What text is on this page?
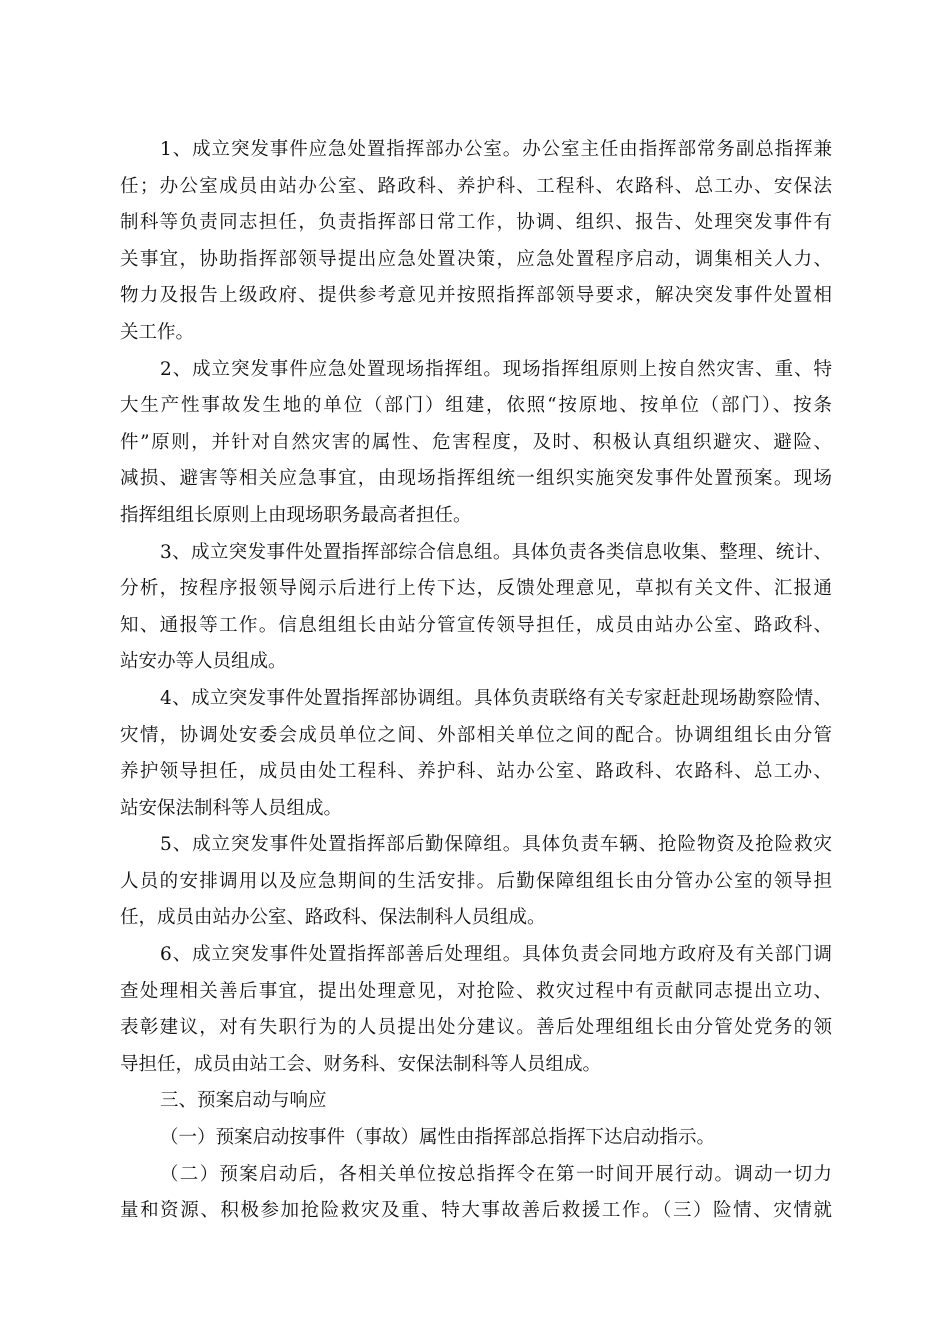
1、成立突发事件应急处置指挥部办公室。办公室主任由指挥部常务副总指挥兼
任；办公室成员由站办公室、路政科、养护科、工程科、农路科、总工办、安保法
制科等负责同志担任，负责指挥部日常工作，协调、组织、报告、处理突发事件有
关事宜，协助指挥部领导提出应急处置决策，应急处置程序启动，调集相关人力、
物力及报告上级政府、提供参考意见并按照指挥部领导要求，解决突发事件处置相
关工作。
2、成立突发事件应急处置现场指挥组。现场指挥组原则上按自然灾害、重、特
大生产性事故发生地的单位（部门）组建，依照“按原地、按单位（部门）、按条
件”原则，并针对自然灾害的属性、危害程度，及时、积极认真组织避灾、避险、
减损、避害等相关应急事宜，由现场指挥组统一组织实施突发事件处置预案。现场
指挥组组长原则上由现场职务最高者担任。
3、成立突发事件处置指挥部综合信息组。具体负责各类信息收集、整理、统计、
分析，按程序报领导阅示后进行上传下达，反馈处理意见，草拟有关文件、汇报通
知、通报等工作。信息组组长由站分管宣传领导担任，成员由站办公室、路政科、
站安办等人员组成。
4、成立突发事件处置指挥部协调组。具体负责联络有关专家赶赴现场勘察险情、
灾情，协调处安委会成员单位之间、外部相关单位之间的配合。协调组组长由分管
养护领导担任，成员由处工程科、养护科、站办公室、路政科、农路科、总工办、
站安保法制科等人员组成。
5、成立突发事件处置指挥部后勤保障组。具体负责车辆、抢险物资及抢险救灾
人员的安排调用以及应急期间的生活安排。后勤保障组组长由分管办公室的领导担
任，成员由站办公室、路政科、保法制科人员组成。
6、成立突发事件处置指挥部善后处理组。具体负责会同地方政府及有关部门调
查处理相关善后事宜，提出处理意见，对抢险、救灾过程中有贡献同志提出立功、
表彰建议，对有失职行为的人员提出处分建议。善后处理组组长由分管处党务的领
导担任，成员由站工会、财务科、安保法制科等人员组成。
三、预案启动与响应
（一）预案启动按事件（事故）属性由指挥部总指挥下达启动指示。
（二）预案启动后，各相关单位按总指挥令在第一时间开展行动。调动一切力
量和资源、积极参加抢险救灾及重、特大事故善后救援工作。（三）险情、灾情就
